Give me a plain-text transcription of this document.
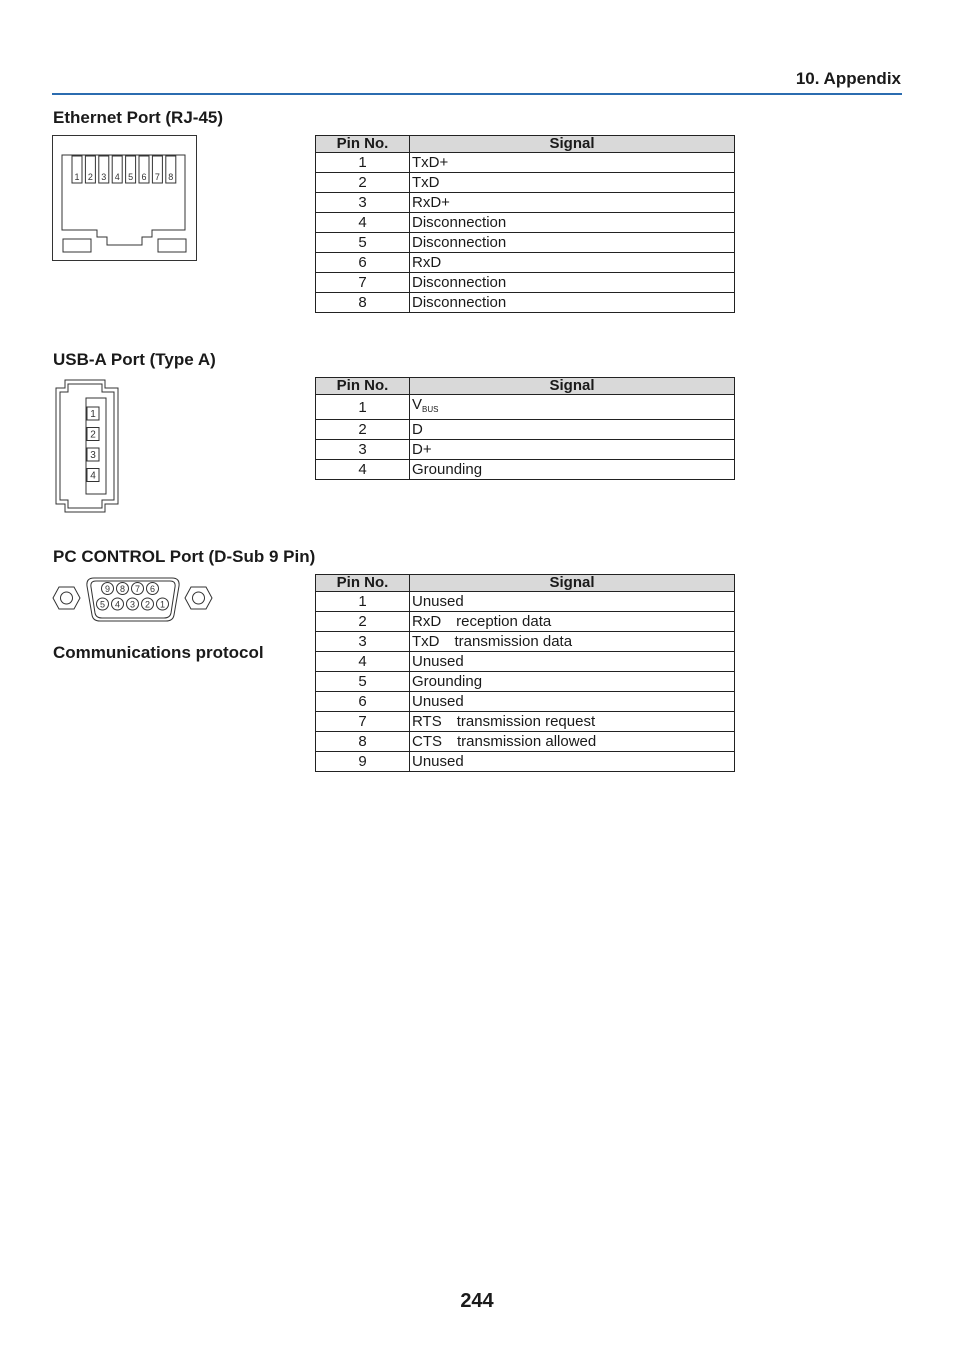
10. Appendix
Ethernet Port (RJ-45)
1 2 3 4 5 6 7 8
Pin No.	Signal
1	TxD+
2	TxD
3	RxD+
4	Disconnection
5	Disconnection
6	RxD
7	Disconnection
8	Disconnection
USB-A Port (Type A)
1
2
3
4
Pin No.	Signal
1	$V_{BUS}$
2	D
3	D+
4	Grounding
PC CONTROL Port (D-Sub 9 Pin)
9 8 7 6
5 4 3 2 1
Communications protocol
Pin No.	Signal
1	Unused
2	RxD reception data
3	TxD transmission data
4	Unused
5	Grounding
6	Unused
7	RTS transmission request
8	CTS transmission allowed
9	Unused
244
